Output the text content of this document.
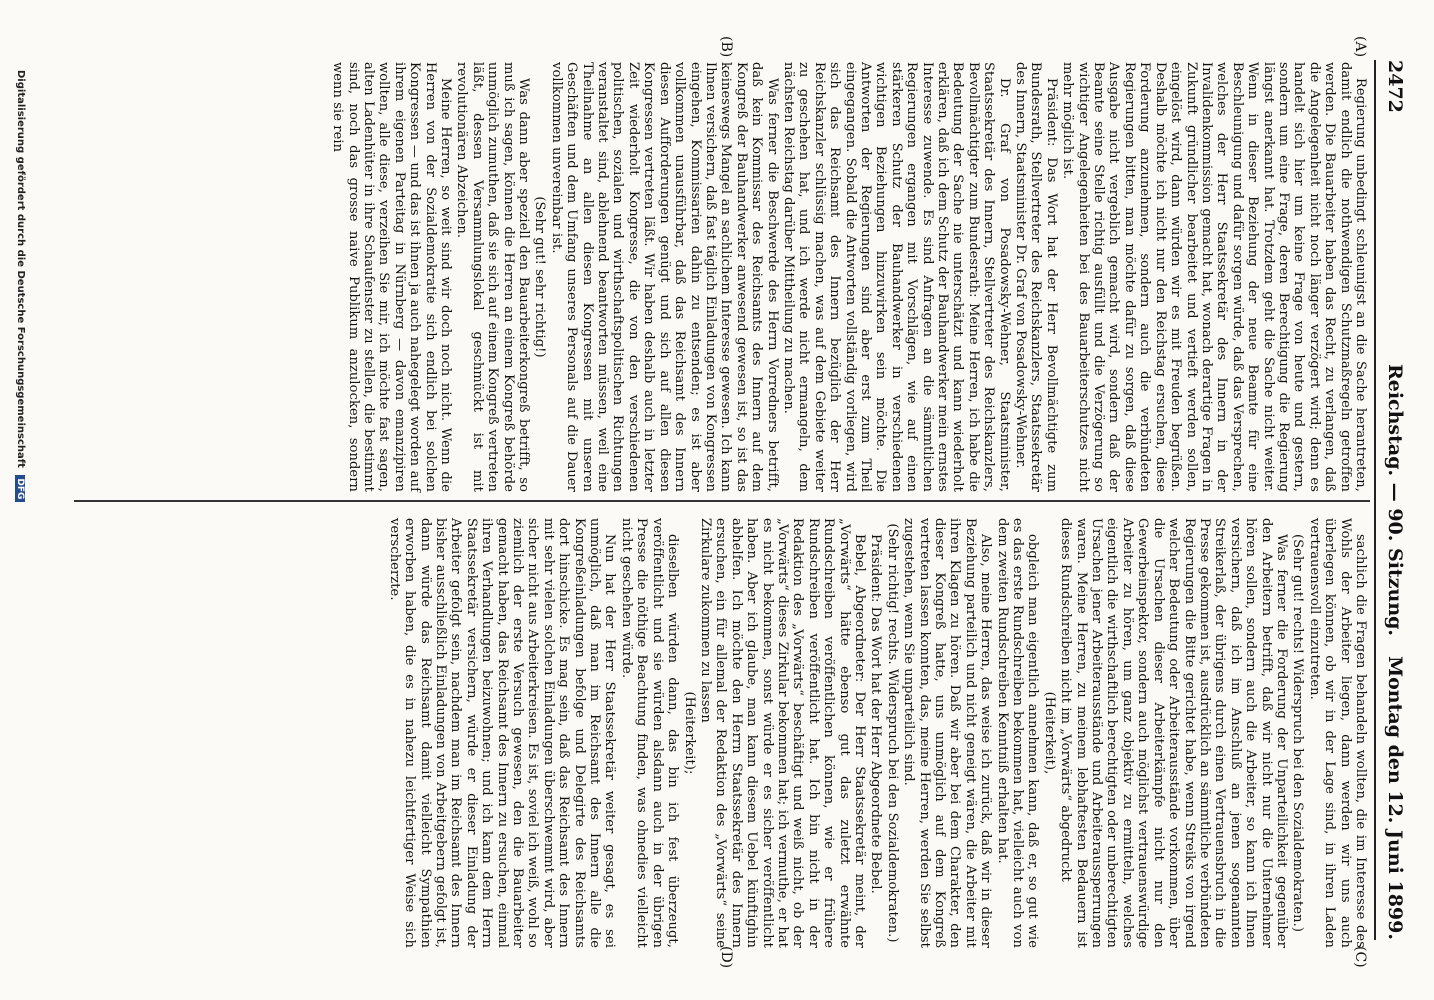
2472
Reichstag. — 90. Sitzung.
Montag den 12. Juni 1899.
(A)
(B)
(C)
(D)

Regierung unbedingt schleunigst an die Sache herantreten, damit endlich die nothwendigen Schutzmaßregeln getroffen werden. Die Bauarbeiter haben das Recht, zu verlangen, daß die Angelegenheit nicht noch länger verzögert wird; denn es handelt sich hier um keine Frage von heute und gestern, sondern um eine Frage, deren Berechtigung die Regierung längst anerkannt hat. Trotzdem geht die Sache nicht weiter. Wenn in dieser Beziehung der neue Beamte für eine Beschleunigung und dafür sorgen würde, daß das Versprechen, welches der Herr Staatssekretär des Innern in der Invalidenkommission gemacht hat, wonach derartige Fragen in Zukunft gründlicher bearbeitet und vertieft werden sollen, eingelöst wird, dann würden wir es mit Freuden begrüßen. Deshalb möchte ich nicht nur den Reichstag ersuchen, diese Forderung anzunehmen, sondern auch die verbündeten Regierungen bitten, man möchte dafür zu sorgen, daß diese Ausgabe nicht vergeblich gemacht wird, sondern daß der Beamte seine Stelle richtig ausfüllt und die Verzögerung so wichtiger Angelegenheiten bei des Bauarbeiterschutzes nicht mehr möglich ist.

Präsident: Das Wort hat der Herr Bevollmächtigte zum Bundesrath, Stellvertreter des Reichskanzlers, Staatssekretär des Innern, Staatsminister Dr. Graf von Posadowsky-Wehner.

Dr. Graf von Posadowsky-Wehner, Staatsminister, Staatssekretär des Innern, Stellvertreter des Reichskanzlers, Bevollmächtigter zum Bundesrath: Meine Herren, ich habe die Bedeutung der Sache nie unterschätzt und kann wiederholt erklären, daß ich dem Schutz der Bauhandwerker mein ernstes Interesse zuwende. Es sind Anfragen an die sämmtlichen Regierungen ergangen mit Vorschlägen, wie auf einen stärkeren Schutz der Bauhandwerker in verschiedenen wichtigen Beziehungen hinzuwirken sein möchte. Die Antworten der Regierungen sind aber erst zum Theil eingegangen. Sobald die Antworten vollständig vorliegen, wird sich das Reichsamt des Innern bezüglich der Herr Reichskanzler schlüssig machen, was auf dem Gebiete weiter zu geschehen hat, und ich werde nicht ermangeln, dem nächsten Reichstag darüber Mittheilung zu machen.

Was ferner die Beschwerde des Herrn Vorredners betrifft, daß kein Kommissar des Reichsamts des Innern auf dem Kongreß der Bauhandwerker anwesend gewesen ist, so ist das keineswegs Mangel an sachlichem Interesse gewesen. Ich kann Ihnen versichern, daß fast täglich Einladungen von Kongressen eingehen, Kommissarien dahin zu entsenden; es ist aber vollkommen unausführbar, daß das Reichsamt des Innern diesen Aufforderungen genügt und sich auf allen diesen Kongressen vertreten läßt. Wir haben deshalb auch in letzter Zeit wiederholt Kongresse, die von den verschiedenen politischen, sozialen und wirthschaftspolitischen Richtungen veranstaltet sind, ablehnend beantworten müssen, weil eine Theilnahme an allen diesen Kongressen mit unseren Geschäften und dem Umfang unseres Personals auf die Dauer vollkommen unvereinbar ist.

(Sehr gut! sehr richtig!)

Was dann aber speziell den Bauarbeiterkongreß betrifft, so muß ich sagen, können die Herren an einem Kongreß behörde unmöglich zumuthen, daß sie sich auf einem Kongreß vertreten läßt, dessen Versammlungslokal geschmückt ist mit revolutionären Abzeichen.

Meine Herren, so weit sind wir doch noch nicht. Wenn die Herren von der Sozialdemokratie sich endlich bei solchen Kongressen — und das ist ihnen ja auch nahegelegt worden auf ihrem eigenen Parteitag in Nürnberg — davon emanzipiren wollten, alle diese, verzeihen Sie mir, ich möchte fast sagen, alten Ladenhüter in ihre Schaufenster zu stellen, die bestimmt sind, noch das grosse naive Publikum anzulocken, sondern wenn sie rein

sachlich die Fragen behandeln wollten, die im Interesse des Wohls der Arbeiter liegen, dann werden wir uns auch überlegen können, ob wir in der Lage sind, in ihren Laden vertrauensvoll einzutreten.

(Sehr gut! rechts! Widerspruch bei den Sozialdemokraten.)

Was ferner die Forderung der Unparteilichkeit gegenüber den Arbeitern betrifft, daß wir nicht nur die Unternehmer hören sollen, sondern auch die Arbeiter, so kann ich Ihnen versichern, daß ich im Anschluß an jenen sogenannten Streikerlaß, der übrigens durch einen Vertrauensbruch in die Presse gekommen ist, ausdrücklich an sämmtliche verbündeten Regierungen die Bitte gerichtet habe, wenn Streiks von irgend welcher Bedeutung oder Arbeiterausstände vorkommen, über die Ursachen dieser Arbeiterkämpfe nicht nur den Gewerbeinspektor, sondern auch möglichst vertrauenswürdige Arbeiter zu hören, um ganz objektiv zu ermitteln, welches eigentlich die wirthschaftlich berechtigten oder unberechtigten Ursachen jener Arbeiterausstände und Arbeiteraussperrungen waren. Meine Herren, zu meinem lebhaftesten Bedauern ist dieses Rundschreiben nicht im „Vorwärts“ abgedruckt

(Heiterkeit),

obgleich man eigentlich annehmen kann, daß er, so gut wie es das erste Rundschreiben bekommen hat, vielleicht auch von dem zweiten Rundschreiben Kenntniß erhalten hat.

Also, meine Herren, das weise ich zurück, daß wir in dieser Beziehung parteilich und nicht geneigt wären, die Arbeiter mit ihren Klagen zu hören. Daß wir aber bei dem Charakter, den dieser Kongreß hatte, uns unmöglich auf dem Kongreß vertreten lassen konnten, das, meine Herren, werden Sie selbst zugestehen, wenn Sie unparteilich sind.

(Sehr richtig! rechts. Widerspruch bei den Sozialdemokraten.)

Präsident: Das Wort hat der Herr Abgeordnete Bebel.

Bebel, Abgeordneter: Der Herr Staatssekretär meint, der „Vorwärts“ hätte ebenso gut das zuletzt erwähnte Rundschreiben veröffentlichen können, wie er frühere Rundschreiben veröffentlicht hat. Ich bin nicht in der Redaktion des „Vorwärts“ beschäftigt und weiß nicht, ob der „Vorwärts“ dieses Zirkular bekommen hat; ich vermuthe, er hat es nicht bekommen, sonst würde er es sicher veröffentlicht haben. Aber ich glaube, man kann diesem Uebel künftighin abhelfen. Ich möchte den Herrn Staatssekretär des Innern ersuchen, ein für allemal der Redaktion des „Vorwärts“ seine Zirkulare zukommen zu lassen

(Heiterkeit);

dieselben würden dann, das bin ich fest überzeugt, veröffentlicht und sie würden alsdann auch in der übrigen Presse die nöthige Beachtung finden, was ohnedies vielleicht nicht geschehen würde.

Nun hat der Herr Staatssekretär weiter gesagt, es sei unmöglich, daß man im Reichsamt des Innern alle die Kongreßeinladungen befolge und Delegirte des Reichsamts dort hinschicke. Es mag sein, daß das Reichsamt des Innern mit sehr vielen solchen Einladungen überschwemmt wird, aber sicher nicht aus Arbeiterkreisen. Es ist, soviel ich weiß, wohl so ziemlich der erste Versuch gewesen, den die Bauarbeiter gemacht haben, das Reichsamt des Innern zu ersuchen, einmal ihren Verhandlungen beizuwohnen; und ich kann dem Herrn Staatssekretär versichern, würde er dieser Einladung der Arbeiter gefolgt sein, nachdem man im Reichsamt des Innern bisher ausschließlich Einladungen von Arbeitgebern gefolgt ist, dann würde das Reichsamt damit vielleicht Sympathien erworben haben, die es in nahezu leichtfertiger Weise sich verscherzte.

Digitalisierung gefördert durch die Deutsche Forschungsgemeinschaft DFG
